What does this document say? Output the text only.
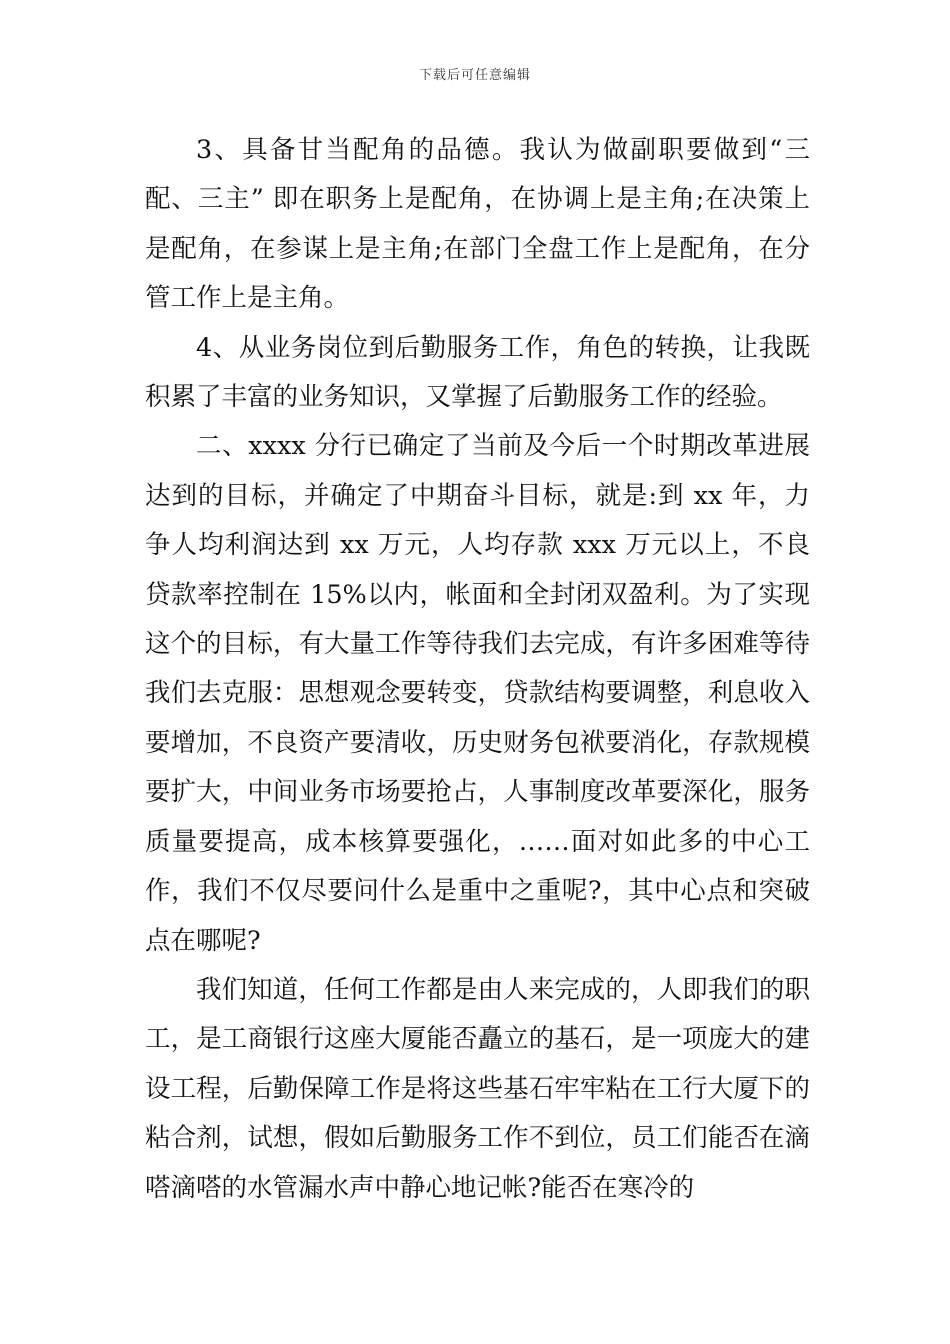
下载后可任意编辑

3、具备甘当配角的品德。我认为做副职要做到“三配、三主” 即在职务上是配角，在协调上是主角;在决策上是配角，在参谋上是主角;在部门全盘工作上是配角，在分管工作上是主角。

4、从业务岗位到后勤服务工作，角色的转换，让我既积累了丰富的业务知识，又掌握了后勤服务工作的经验。

二、xxxx 分行已确定了当前及今后一个时期改革进展达到的目标，并确定了中期奋斗目标，就是:到 xx 年，力争人均利润达到 xx 万元，人均存款 xxx 万元以上，不良贷款率控制在 15%以内，帐面和全封闭双盈利。为了实现这个的目标，有大量工作等待我们去完成，有许多困难等待我们去克服：思想观念要转变，贷款结构要调整，利息收入要增加，不良资产要清收，历史财务包袱要消化，存款规模要扩大，中间业务市场要抢占，人事制度改革要深化，服务质量要提高，成本核算要强化，……面对如此多的中心工作，我们不仅尽要问什么是重中之重呢?，其中心点和突破点在哪呢?

我们知道，任何工作都是由人来完成的，人即我们的职工，是工商银行这座大厦能否矗立的基石，是一项庞大的建设工程，后勤保障工作是将这些基石牢牢粘在工行大厦下的粘合剂，试想，假如后勤服务工作不到位，员工们能否在滴嗒滴嗒的水管漏水声中静心地记帐?能否在寒冷的
